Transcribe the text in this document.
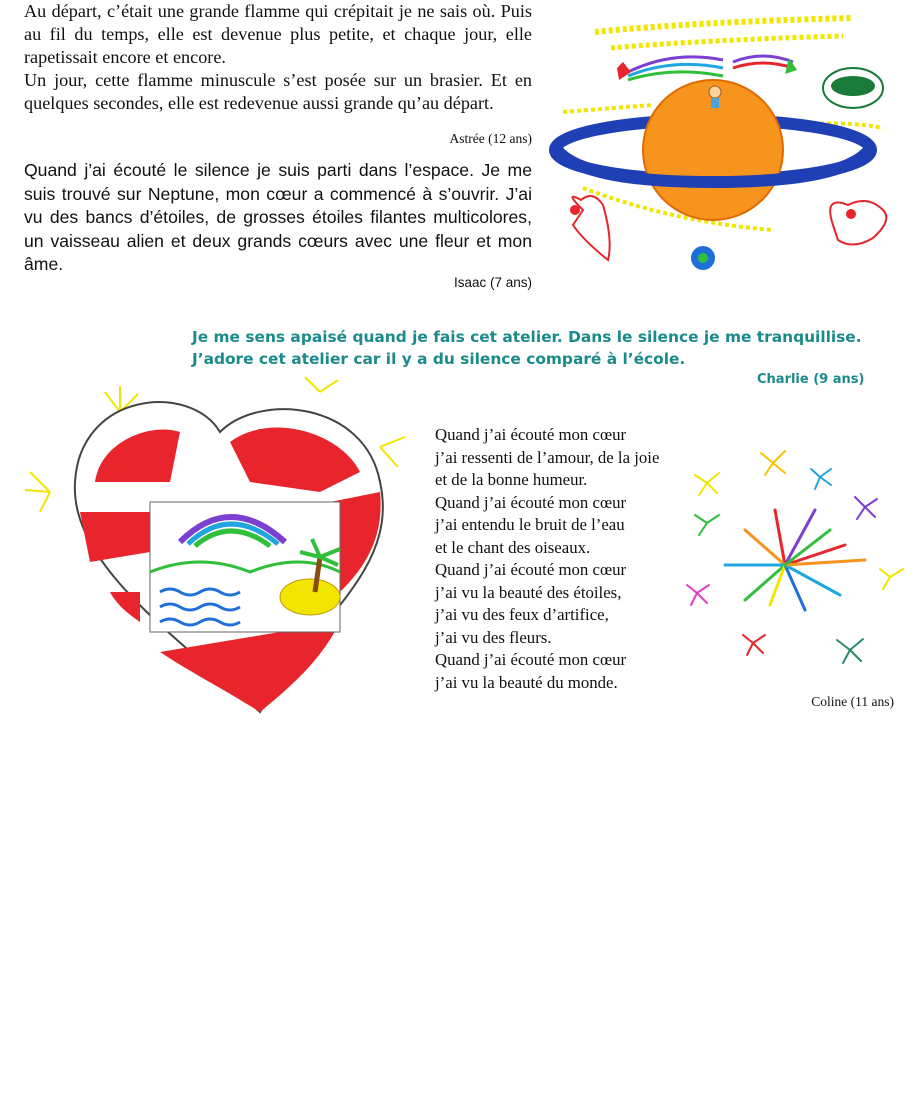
Au départ, c’était une grande flamme qui crépitait je ne sais où. Puis au fil du temps, elle est devenue plus petite, et chaque jour, elle rapetissait encore et encore.

Un jour, cette flamme minuscule s’est posée sur un brasier. Et en quelques secondes, elle est redevenue aussi grande qu’au départ.

Astrée (12 ans)
Quand j’ai écouté le silence je suis parti dans l’espace. Je me suis trouvé sur Neptune, mon cœur a commencé à s’ouvrir. J’ai vu des bancs d’étoiles, de grosses étoiles filantes multicolores, un vaisseau alien et deux grands cœurs avec une fleur et mon âme.
Isaac (7 ans)
Je me sens apaisé quand je fais cet atelier. Dans le silence je me tranquillise.
J’adore cet atelier car il y a du silence comparé à l’école.
Charlie (9 ans)
Quand j’ai écouté mon cœur
j’ai ressenti de l’amour, de la joie
et de la bonne humeur.
Quand j’ai écouté mon cœur
j’ai entendu le bruit de l’eau
et le chant des oiseaux.
Quand j’ai écouté mon cœur
j’ai vu la beauté des étoiles,
j’ai vu des feux d’artifice,
j’ai vu des fleurs.
Quand j’ai écouté mon cœur
j’ai vu la beauté du monde.
Coline (11 ans)
